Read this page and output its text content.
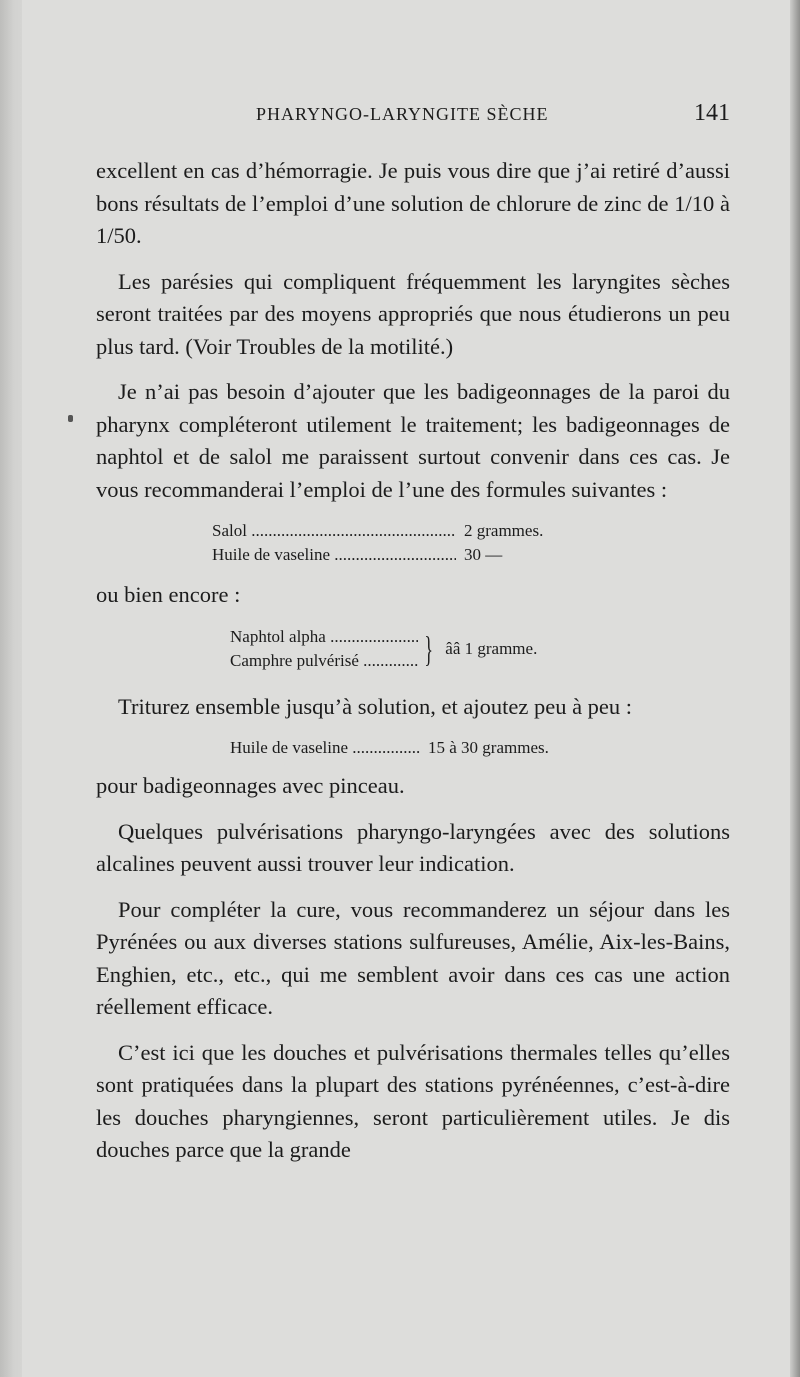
PHARYNGO-LARYNGITE SÈCHE	141

excellent en cas d’hémorragie. Je puis vous dire que j’ai retiré d’aussi bons résultats de l’emploi d’une solution de chlorure de zinc de 1/10 à 1/50.

Les parésies qui compliquent fréquemment les laryngites sèches seront traitées par des moyens appropriés que nous étudierons un peu plus tard. (Voir Troubles de la motilité.)

Je n’ai pas besoin d’ajouter que les badigeonnages de la paroi du pharynx compléteront utilement le traitement; les badigeonnages de naphtol et de salol me paraissent surtout convenir dans ces cas. Je vous recommanderai l’emploi de l’une des formules suivantes :

Salol .....	2 grammes.
Huile de vaseline .....	30 —

ou bien encore :

Naphtol alpha .....
Camphre pulvérisé .....	} ââ 1 gramme.

Triturez ensemble jusqu’à solution, et ajoutez peu à peu :

Huile de vaseline .....	15 à 30 grammes.

pour badigeonnages avec pinceau.

Quelques pulvérisations pharyngo-laryngées avec des solutions alcalines peuvent aussi trouver leur indication.

Pour compléter la cure, vous recommanderez un séjour dans les Pyrénées ou aux diverses stations sulfureuses, Amélie, Aix-les-Bains, Enghien, etc., etc., qui me semblent avoir dans ces cas une action réellement efficace.

C’est ici que les douches et pulvérisations thermales telles qu’elles sont pratiquées dans la plupart des stations pyrénéennes, c’est-à-dire les douches pharyngiennes, seront particulièrement utiles. Je dis douches parce que la grande
